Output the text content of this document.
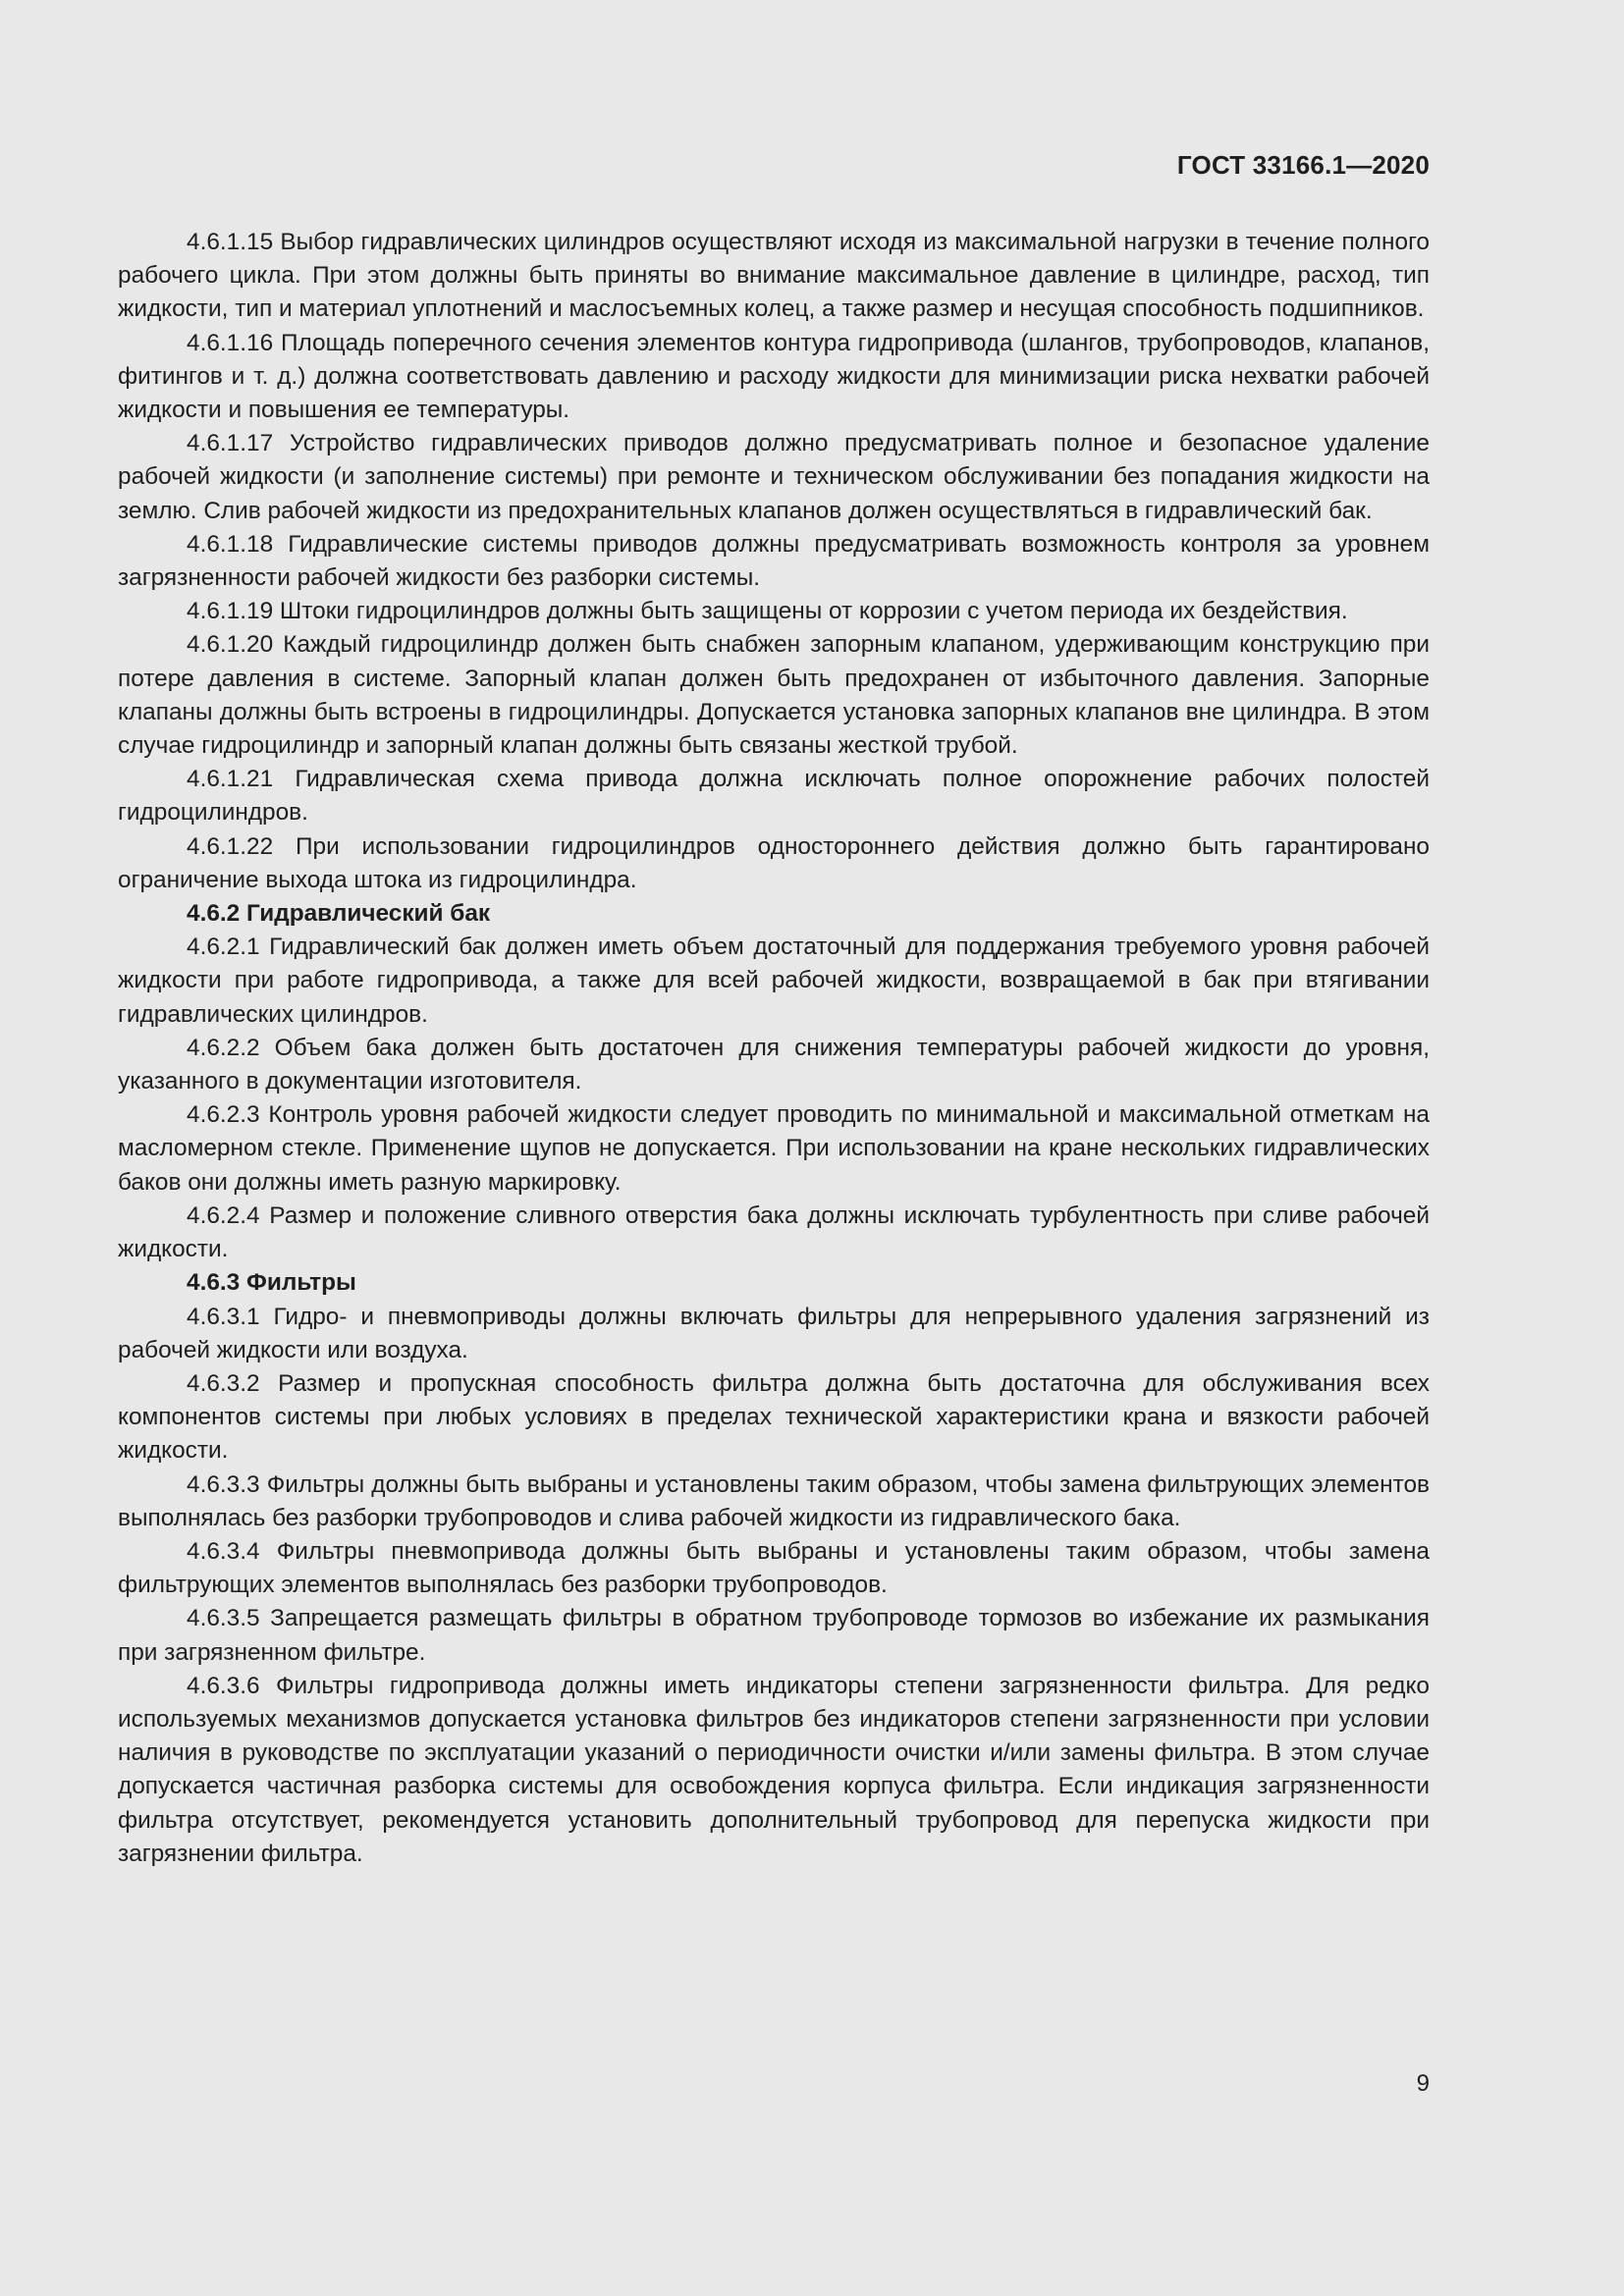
ГОСТ 33166.1—2020

4.6.1.15 Выбор гидравлических цилиндров осуществляют исходя из максимальной нагрузки в течение полного рабочего цикла. При этом должны быть приняты во внимание максимальное давление в цилиндре, расход, тип жидкости, тип и материал уплотнений и маслосъемных колец, а также размер и несущая способность подшипников.

4.6.1.16 Площадь поперечного сечения элементов контура гидропривода (шлангов, трубопроводов, клапанов, фитингов и т. д.) должна соответствовать давлению и расходу жидкости для минимизации риска нехватки рабочей жидкости и повышения ее температуры.

4.6.1.17 Устройство гидравлических приводов должно предусматривать полное и безопасное удаление рабочей жидкости (и заполнение системы) при ремонте и техническом обслуживании без попадания жидкости на землю. Слив рабочей жидкости из предохранительных клапанов должен осуществляться в гидравлический бак.

4.6.1.18 Гидравлические системы приводов должны предусматривать возможность контроля за уровнем загрязненности рабочей жидкости без разборки системы.

4.6.1.19 Штоки гидроцилиндров должны быть защищены от коррозии с учетом периода их бездействия.

4.6.1.20 Каждый гидроцилиндр должен быть снабжен запорным клапаном, удерживающим конструкцию при потере давления в системе. Запорный клапан должен быть предохранен от избыточного давления. Запорные клапаны должны быть встроены в гидроцилиндры. Допускается установка запорных клапанов вне цилиндра. В этом случае гидроцилиндр и запорный клапан должны быть связаны жесткой трубой.

4.6.1.21 Гидравлическая схема привода должна исключать полное опорожнение рабочих полостей гидроцилиндров.

4.6.1.22 При использовании гидроцилиндров одностороннего действия должно быть гарантировано ограничение выхода штока из гидроцилиндра.

4.6.2 Гидравлический бак

4.6.2.1 Гидравлический бак должен иметь объем достаточный для поддержания требуемого уровня рабочей жидкости при работе гидропривода, а также для всей рабочей жидкости, возвращаемой в бак при втягивании гидравлических цилиндров.

4.6.2.2 Объем бака должен быть достаточен для снижения температуры рабочей жидкости до уровня, указанного в документации изготовителя.

4.6.2.3 Контроль уровня рабочей жидкости следует проводить по минимальной и максимальной отметкам на масломерном стекле. Применение щупов не допускается. При использовании на кране нескольких гидравлических баков они должны иметь разную маркировку.

4.6.2.4 Размер и положение сливного отверстия бака должны исключать турбулентность при сливе рабочей жидкости.

4.6.3 Фильтры

4.6.3.1 Гидро- и пневмоприводы должны включать фильтры для непрерывного удаления загрязнений из рабочей жидкости или воздуха.

4.6.3.2 Размер и пропускная способность фильтра должна быть достаточна для обслуживания всех компонентов системы при любых условиях в пределах технической характеристики крана и вязкости рабочей жидкости.

4.6.3.3 Фильтры должны быть выбраны и установлены таким образом, чтобы замена фильтрующих элементов выполнялась без разборки трубопроводов и слива рабочей жидкости из гидравлического бака.

4.6.3.4 Фильтры пневмопривода должны быть выбраны и установлены таким образом, чтобы замена фильтрующих элементов выполнялась без разборки трубопроводов.

4.6.3.5 Запрещается размещать фильтры в обратном трубопроводе тормозов во избежание их размыкания при загрязненном фильтре.

4.6.3.6 Фильтры гидропривода должны иметь индикаторы степени загрязненности фильтра. Для редко используемых механизмов допускается установка фильтров без индикаторов степени загрязненности при условии наличия в руководстве по эксплуатации указаний о периодичности очистки и/или замены фильтра. В этом случае допускается частичная разборка системы для освобождения корпуса фильтра. Если индикация загрязненности фильтра отсутствует, рекомендуется установить дополнительный трубопровод для перепуска жидкости при загрязнении фильтра.

9
